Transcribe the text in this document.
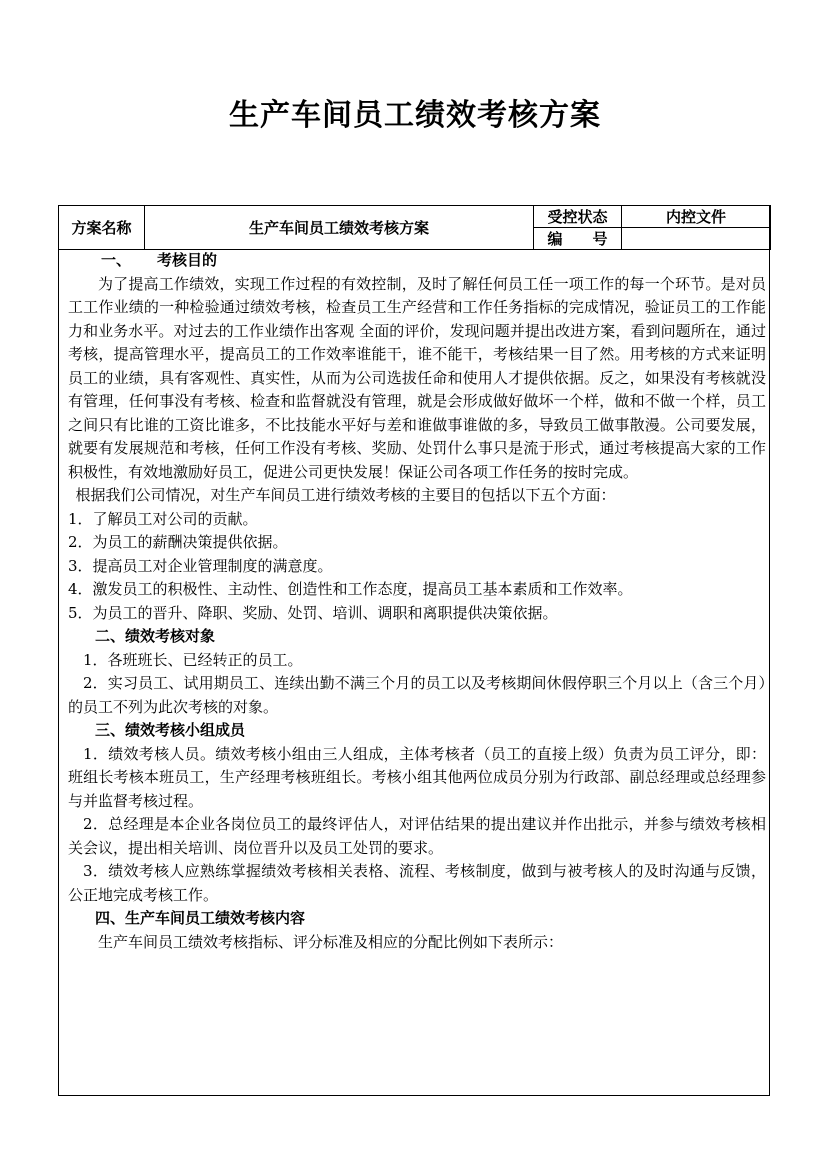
生产车间员工绩效考核方案
方案名称	生产车间员工绩效考核方案	受控状态	内控文件
		编　　号	

一、 考核目的

为了提高工作绩效，实现工作过程的有效控制，及时了解任何员工任一项工作的每一个环节。是对员工工作业绩的一种检验通过绩效考核，检查员工生产经营和工作任务指标的完成情况，验证员工的工作能力和业务水平。对过去的工作业绩作出客观 全面的评价，发现问题并提出改进方案，看到问题所在，通过考核，提高管理水平，提高员工的工作效率谁能干，谁不能干，考核结果一目了然。用考核的方式来证明员工的业绩，具有客观性、真实性，从而为公司选拔任命和使用人才提供依据。反之，如果没有考核就没有管理，任何事没有考核、检查和监督就没有管理，就是会形成做好做坏一个样，做和不做一个样，员工之间只有比谁的工资比谁多，不比技能水平好与差和谁做事谁做的多，导致员工做事散漫。公司要发展，就要有发展规范和考核，任何工作没有考核、奖励、处罚什么事只是流于形式，通过考核提高大家的工作积极性，有效地激励好员工，促进公司更快发展！保证公司各项工作任务的按时完成。

根据我们公司情况，对生产车间员工进行绩效考核的主要目的包括以下五个方面：

1．了解员工对公司的贡献。

2．为员工的薪酬决策提供依据。

3．提高员工对企业管理制度的满意度。

4．激发员工的积极性、主动性、创造性和工作态度，提高员工基本素质和工作效率。

5．为员工的晋升、降职、奖励、处罚、培训、调职和离职提供决策依据。

二、绩效考核对象

1．各班班长、已经转正的员工。

2．实习员工、试用期员工、连续出勤不满三个月的员工以及考核期间休假停职三个月以上（含三个月）的员工不列为此次考核的对象。

三、绩效考核小组成员

1．绩效考核人员。绩效考核小组由三人组成，主体考核者（员工的直接上级）负责为员工评分，即：班组长考核本班员工，生产经理考核班组长。考核小组其他两位成员分别为行政部、副总经理或总经理参与并监督考核过程。

2．总经理是本企业各岗位员工的最终评估人，对评估结果的提出建议并作出批示，并参与绩效考核相关会议，提出相关培训、岗位晋升以及员工处罚的要求。

3．绩效考核人应熟练掌握绩效考核相关表格、流程、考核制度，做到与被考核人的及时沟通与反馈，公正地完成考核工作。

四、生产车间员工绩效考核内容

生产车间员工绩效考核指标、评分标准及相应的分配比例如下表所示：
